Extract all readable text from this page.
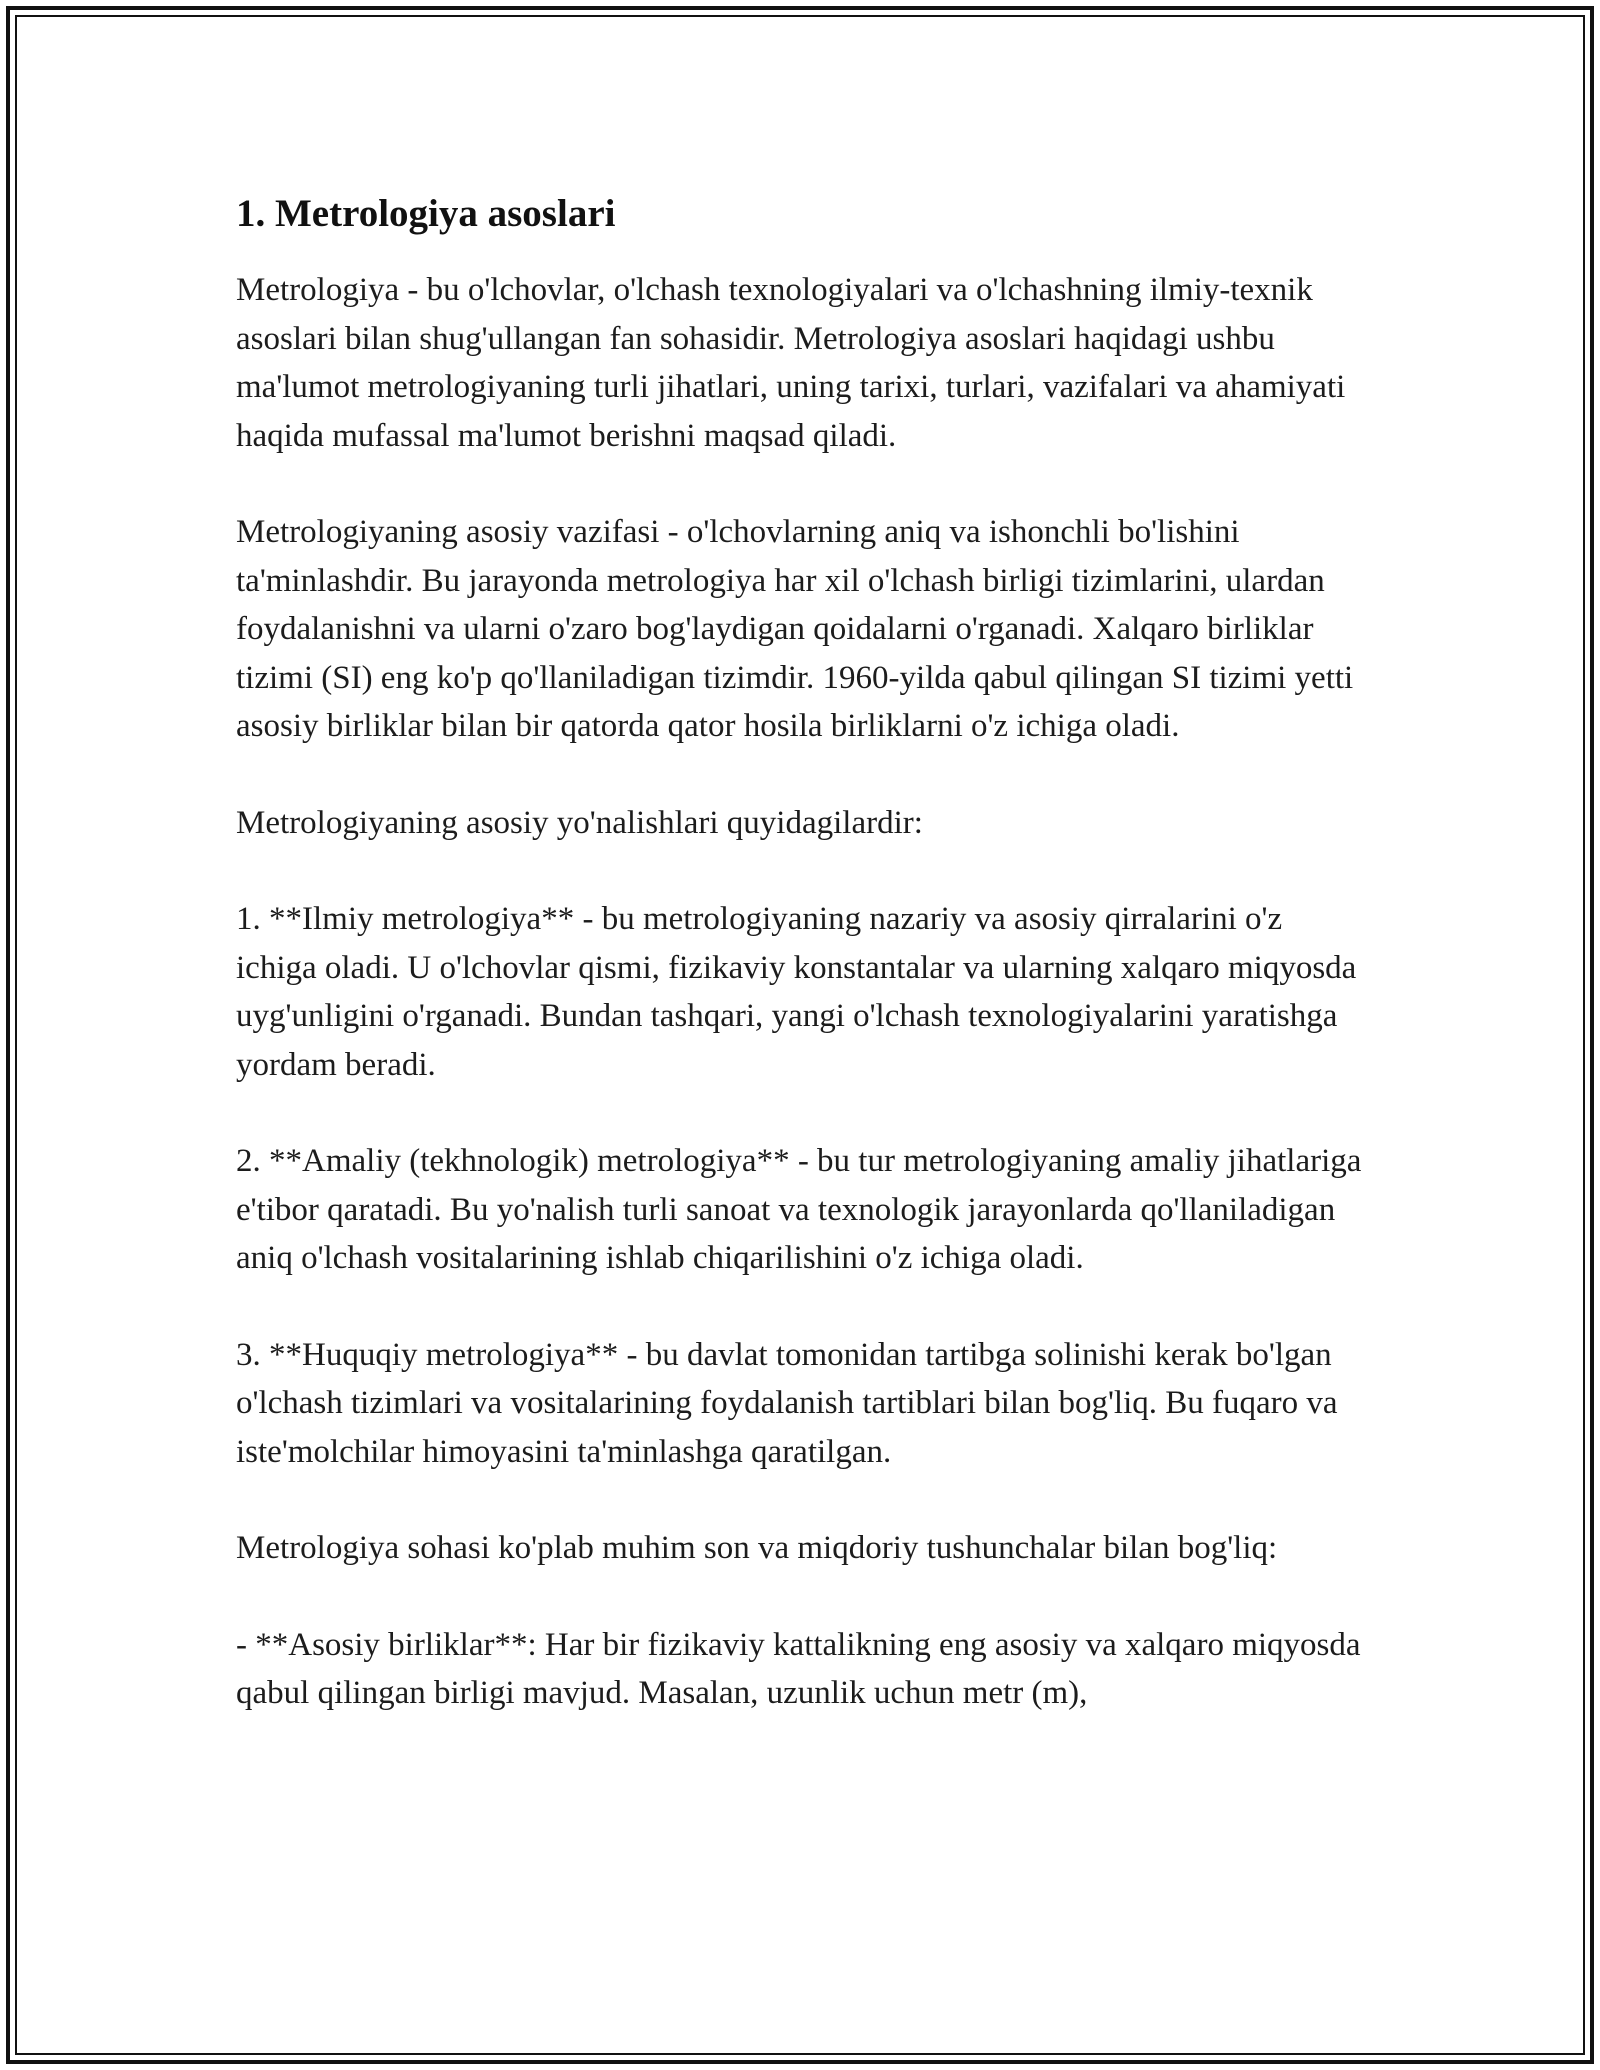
1. Metrologiya asoslari

Metrologiya - bu o'lchovlar, o'lchash texnologiyalari va o'lchashning ilmiy-texnik asoslari bilan shug'ullangan fan sohasidir. Metrologiya asoslari haqidagi ushbu ma'lumot metrologiyaning turli jihatlari, uning tarixi, turlari, vazifalari va ahamiyati haqida mufassal ma'lumot berishni maqsad qiladi.

Metrologiyaning asosiy vazifasi - o'lchovlarning aniq va ishonchli bo'lishini ta'minlashdir. Bu jarayonda metrologiya har xil o'lchash birligi tizimlarini, ulardan foydalanishni va ularni o'zaro bog'laydigan qoidalarni o'rganadi. Xalqaro birliklar tizimi (SI) eng ko'p qo'llaniladigan tizimdir. 1960-yilda qabul qilingan SI tizimi yetti asosiy birliklar bilan bir qatorda qator hosila birliklarni o'z ichiga oladi.

Metrologiyaning asosiy yo'nalishlari quyidagilardir:

1. **Ilmiy metrologiya** - bu metrologiyaning nazariy va asosiy qirralarini o'z ichiga oladi. U o'lchovlar qismi, fizikaviy konstantalar va ularning xalqaro miqyosda uyg'unligini o'rganadi. Bundan tashqari, yangi o'lchash texnologiyalarini yaratishga yordam beradi.

2. **Amaliy (tekhnologik) metrologiya** - bu tur metrologiyaning amaliy jihatlariga e'tibor qaratadi. Bu yo'nalish turli sanoat va texnologik jarayonlarda qo'llaniladigan aniq o'lchash vositalarining ishlab chiqarilishini o'z ichiga oladi.

3. **Huquqiy metrologiya** - bu davlat tomonidan tartibga solinishi kerak bo'lgan o'lchash tizimlari va vositalarining foydalanish tartiblari bilan bog'liq. Bu fuqaro va iste'molchilar himoyasini ta'minlashga qaratilgan.

Metrologiya sohasi ko'plab muhim son va miqdoriy tushunchalar bilan bog'liq:

- **Asosiy birliklar**: Har bir fizikaviy kattalikning eng asosiy va xalqaro miqyosda qabul qilingan birligi mavjud. Masalan, uzunlik uchun metr (m),
